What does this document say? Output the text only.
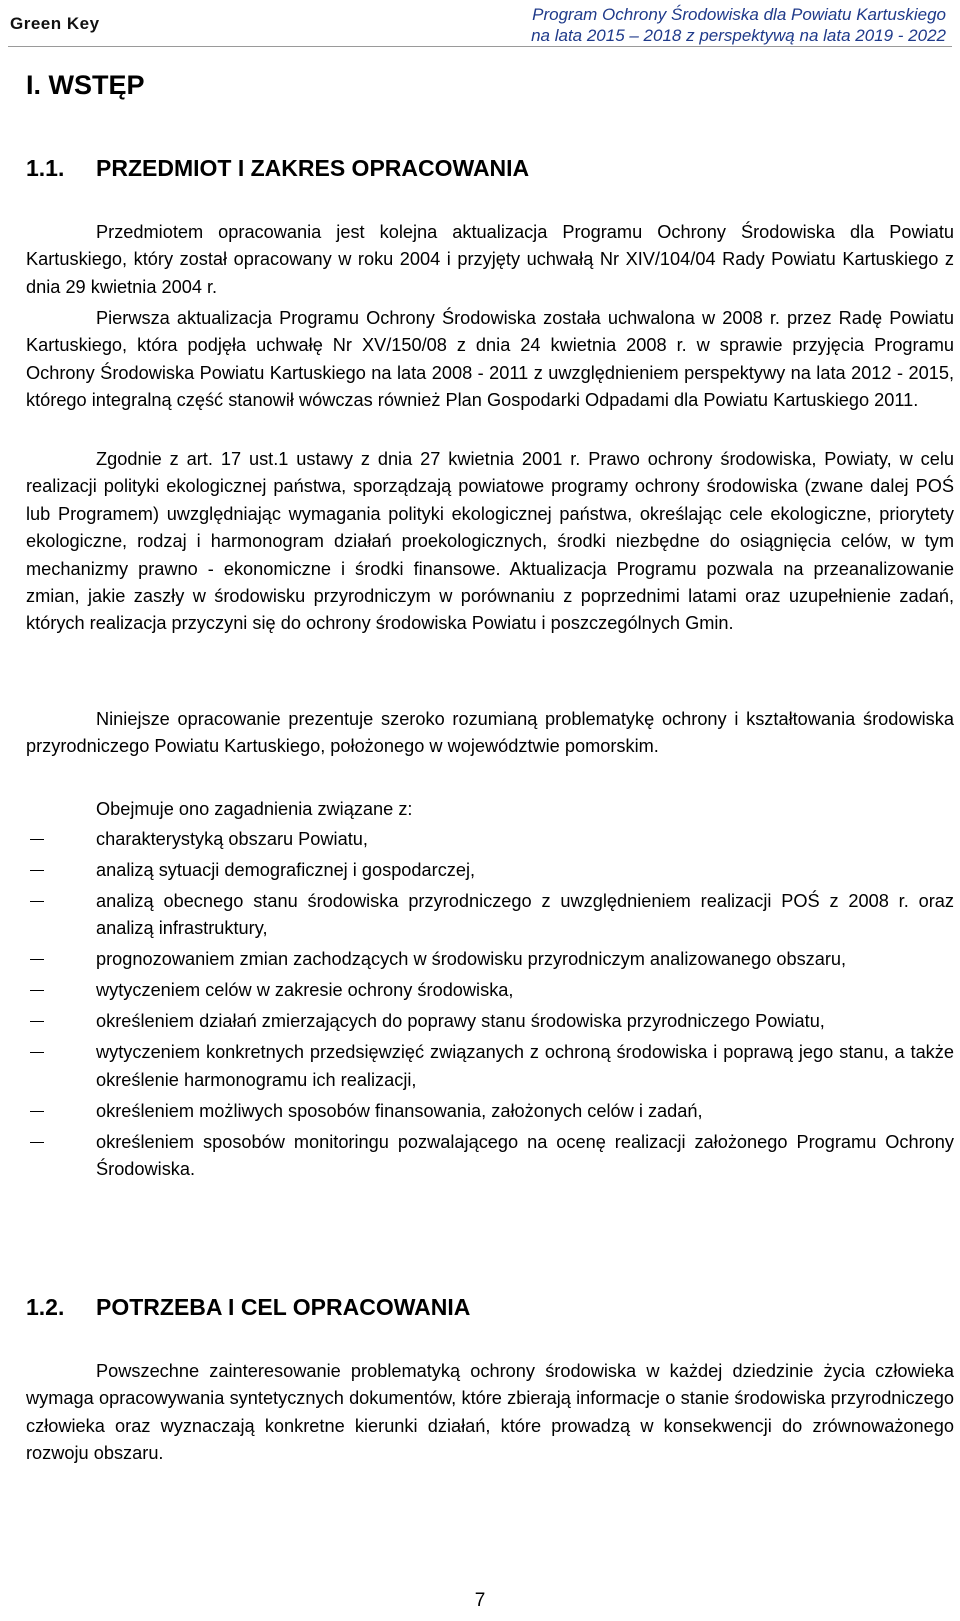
Green Key	Program Ochrony Środowiska dla Powiatu Kartuskiego
na lata 2015 – 2018 z perspektywą na lata 2019 - 2022
I. WSTĘP
1.1. PRZEDMIOT I ZAKRES OPRACOWANIA

Przedmiotem opracowania jest kolejna aktualizacja Programu Ochrony Środowiska dla Powiatu Kartuskiego, który został opracowany w roku 2004 i przyjęty uchwałą Nr XIV/104/04 Rady Powiatu Kartuskiego z dnia 29 kwietnia 2004 r.

Pierwsza aktualizacja Programu Ochrony Środowiska została uchwalona w 2008 r. przez Radę Powiatu Kartuskiego, która podjęła uchwałę Nr XV/150/08 z dnia 24 kwietnia 2008 r. w sprawie przyjęcia Programu Ochrony Środowiska Powiatu Kartuskiego na lata 2008 - 2011 z uwzględnieniem perspektywy na lata 2012 - 2015, którego integralną część stanowił wówczas również Plan Gospodarki Odpadami dla Powiatu Kartuskiego 2011.

Zgodnie z art. 17 ust.1 ustawy z dnia 27 kwietnia 2001 r. Prawo ochrony środowiska, Powiaty, w celu realizacji polityki ekologicznej państwa, sporządzają powiatowe programy ochrony środowiska (zwane dalej POŚ lub Programem) uwzględniając wymagania polityki ekologicznej państwa, określając cele ekologiczne, priorytety ekologiczne, rodzaj i harmonogram działań proekologicznych, środki niezbędne do osiągnięcia celów, w tym mechanizmy prawno - ekonomiczne i środki finansowe. Aktualizacja Programu pozwala na przeanalizowanie zmian, jakie zaszły w środowisku przyrodniczym w porównaniu z poprzednimi latami oraz uzupełnienie zadań, których realizacja przyczyni się do ochrony środowiska Powiatu i poszczególnych Gmin.

Niniejsze opracowanie prezentuje szeroko rozumianą problematykę ochrony i kształtowania środowiska przyrodniczego Powiatu Kartuskiego, położonego w województwie pomorskim.

Obejmuje ono zagadnienia związane z:
charakterystyką obszaru Powiatu,
analizą sytuacji demograficznej i gospodarczej,
analizą obecnego stanu środowiska przyrodniczego z uwzględnieniem realizacji POŚ z 2008 r. oraz analizą infrastruktury,
prognozowaniem zmian zachodzących w środowisku przyrodniczym analizowanego obszaru,
wytyczeniem celów w zakresie ochrony środowiska,
określeniem działań zmierzających do poprawy stanu środowiska przyrodniczego Powiatu,
wytyczeniem konkretnych przedsięwzięć związanych z ochroną środowiska i poprawą jego stanu, a także określenie harmonogramu ich realizacji,
określeniem możliwych sposobów finansowania, założonych celów i zadań,
określeniem sposobów monitoringu pozwalającego na ocenę realizacji założonego Programu Ochrony Środowiska.
1.2. POTRZEBA I CEL OPRACOWANIA

Powszechne zainteresowanie problematyką ochrony środowiska w każdej dziedzinie życia człowieka wymaga opracowywania syntetycznych dokumentów, które zbierają informacje o stanie środowiska przyrodniczego człowieka oraz wyznaczają konkretne kierunki działań, które prowadzą w konsekwencji do zrównoważonego rozwoju obszaru.

7
